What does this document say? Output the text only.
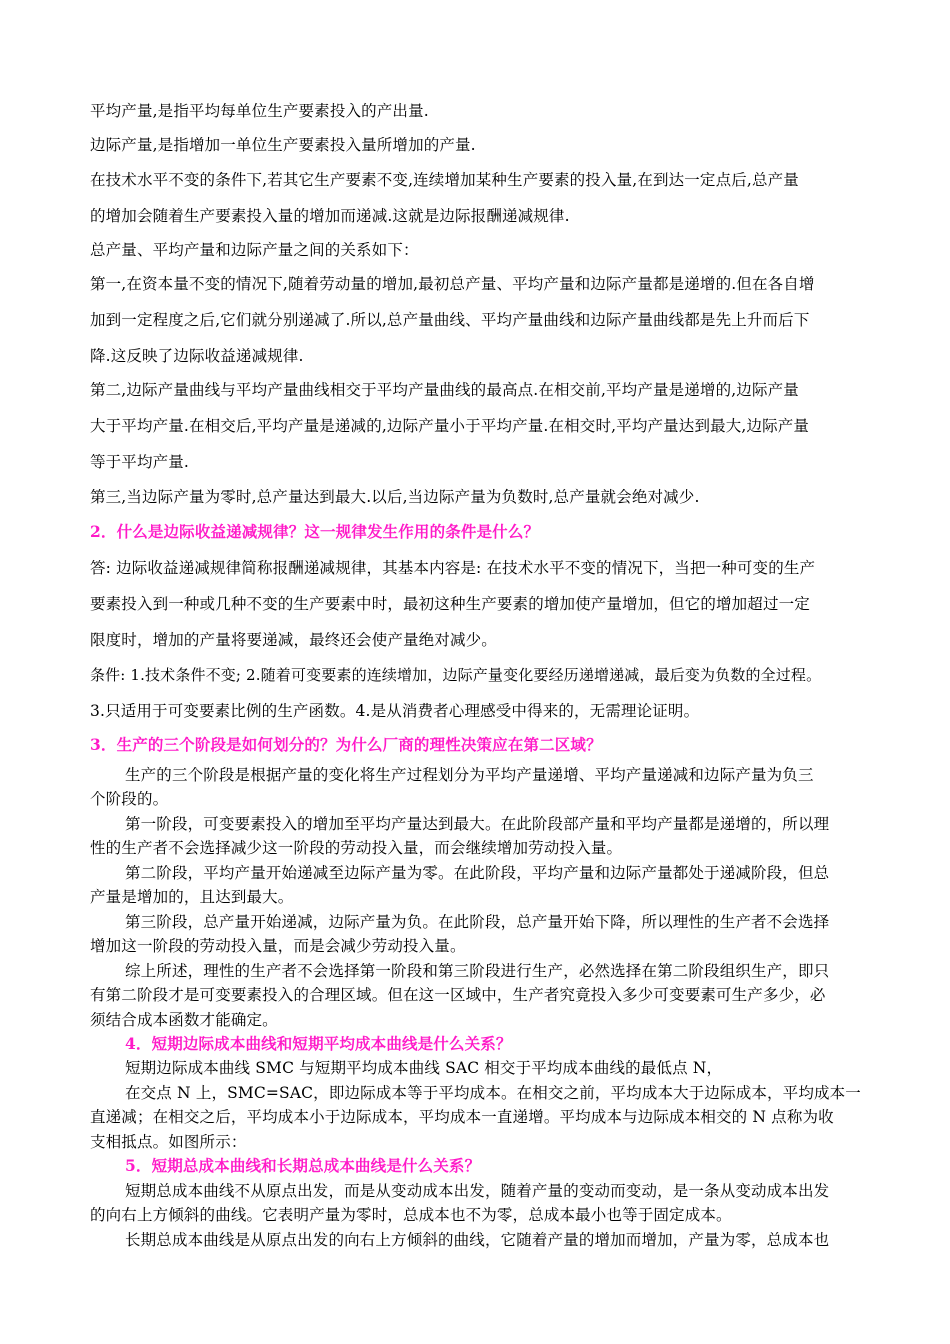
平均产量,是指平均每单位生产要素投入的产出量.

边际产量,是指增加一单位生产要素投入量所增加的产量.

在技术水平不变的条件下,若其它生产要素不变,连续增加某种生产要素的投入量,在到达一定点后,总产量

的增加会随着生产要素投入量的增加而递减.这就是边际报酬递减规律.

总产量、平均产量和边际产量之间的关系如下：

第一,在资本量不变的情况下,随着劳动量的增加,最初总产量、平均产量和边际产量都是递增的.但在各自增

加到一定程度之后,它们就分别递减了.所以,总产量曲线、平均产量曲线和边际产量曲线都是先上升而后下

降.这反映了边际收益递减规律.

第二,边际产量曲线与平均产量曲线相交于平均产量曲线的最高点.在相交前,平均产量是递增的,边际产量

大于平均产量.在相交后,平均产量是递减的,边际产量小于平均产量.在相交时,平均产量达到最大,边际产量

等于平均产量.

第三,当边际产量为零时,总产量达到最大.以后,当边际产量为负数时,总产量就会绝对减少.

2．什么是边际收益递减规律？这一规律发生作用的条件是什么？

答: 边际收益递减规律简称报酬递减规律，其基本内容是: 在技术水平不变的情况下，当把一种可变的生产

要素投入到一种或几种不变的生产要素中时，最初这种生产要素的增加使产量增加，但它的增加超过一定

限度时，增加的产量将要递减，最终还会使产量绝对减少。

条件: 1.技术条件不变; 2.随着可变要素的连续增加，边际产量变化要经历递增递减，最后变为负数的全过程。

3.只适用于可变要素比例的生产函数。4.是从消费者心理感受中得来的，无需理论证明。

3．生产的三个阶段是如何划分的？为什么厂商的理性决策应在第二区域？

生产的三个阶段是根据产量的变化将生产过程划分为平均产量递增、平均产量递减和边际产量为负三

个阶段的。

第一阶段，可变要素投入的增加至平均产量达到最大。在此阶段部产量和平均产量都是递增的，所以理

性的生产者不会选择减少这一阶段的劳动投入量，而会继续增加劳动投入量。

第二阶段，平均产量开始递减至边际产量为零。在此阶段，平均产量和边际产量都处于递减阶段，但总

产量是增加的，且达到最大。

第三阶段，总产量开始递减，边际产量为负。在此阶段，总产量开始下降，所以理性的生产者不会选择

增加这一阶段的劳动投入量，而是会减少劳动投入量。

综上所述，理性的生产者不会选择第一阶段和第三阶段进行生产，必然选择在第二阶段组织生产，即只

有第二阶段才是可变要素投入的合理区域。但在这一区域中，生产者究竟投入多少可变要素可生产多少，必

须结合成本函数才能确定。

4．短期边际成本曲线和短期平均成本曲线是什么关系？

短期边际成本曲线 SMC 与短期平均成本曲线 SAC 相交于平均成本曲线的最低点 N，

在交点 N 上，SMC=SAC，即边际成本等于平均成本。在相交之前，平均成本大于边际成本，平均成本一

直递减；在相交之后，平均成本小于边际成本，平均成本一直递增。平均成本与边际成本相交的 N 点称为收

支相抵点。如图所示：

5．短期总成本曲线和长期总成本曲线是什么关系？

短期总成本曲线不从原点出发，而是从变动成本出发，随着产量的变动而变动，是一条从变动成本出发

的向右上方倾斜的曲线。它表明产量为零时，总成本也不为零，总成本最小也等于固定成本。

长期总成本曲线是从原点出发的向右上方倾斜的曲线，它随着产量的增加而增加，产量为零，总成本也
